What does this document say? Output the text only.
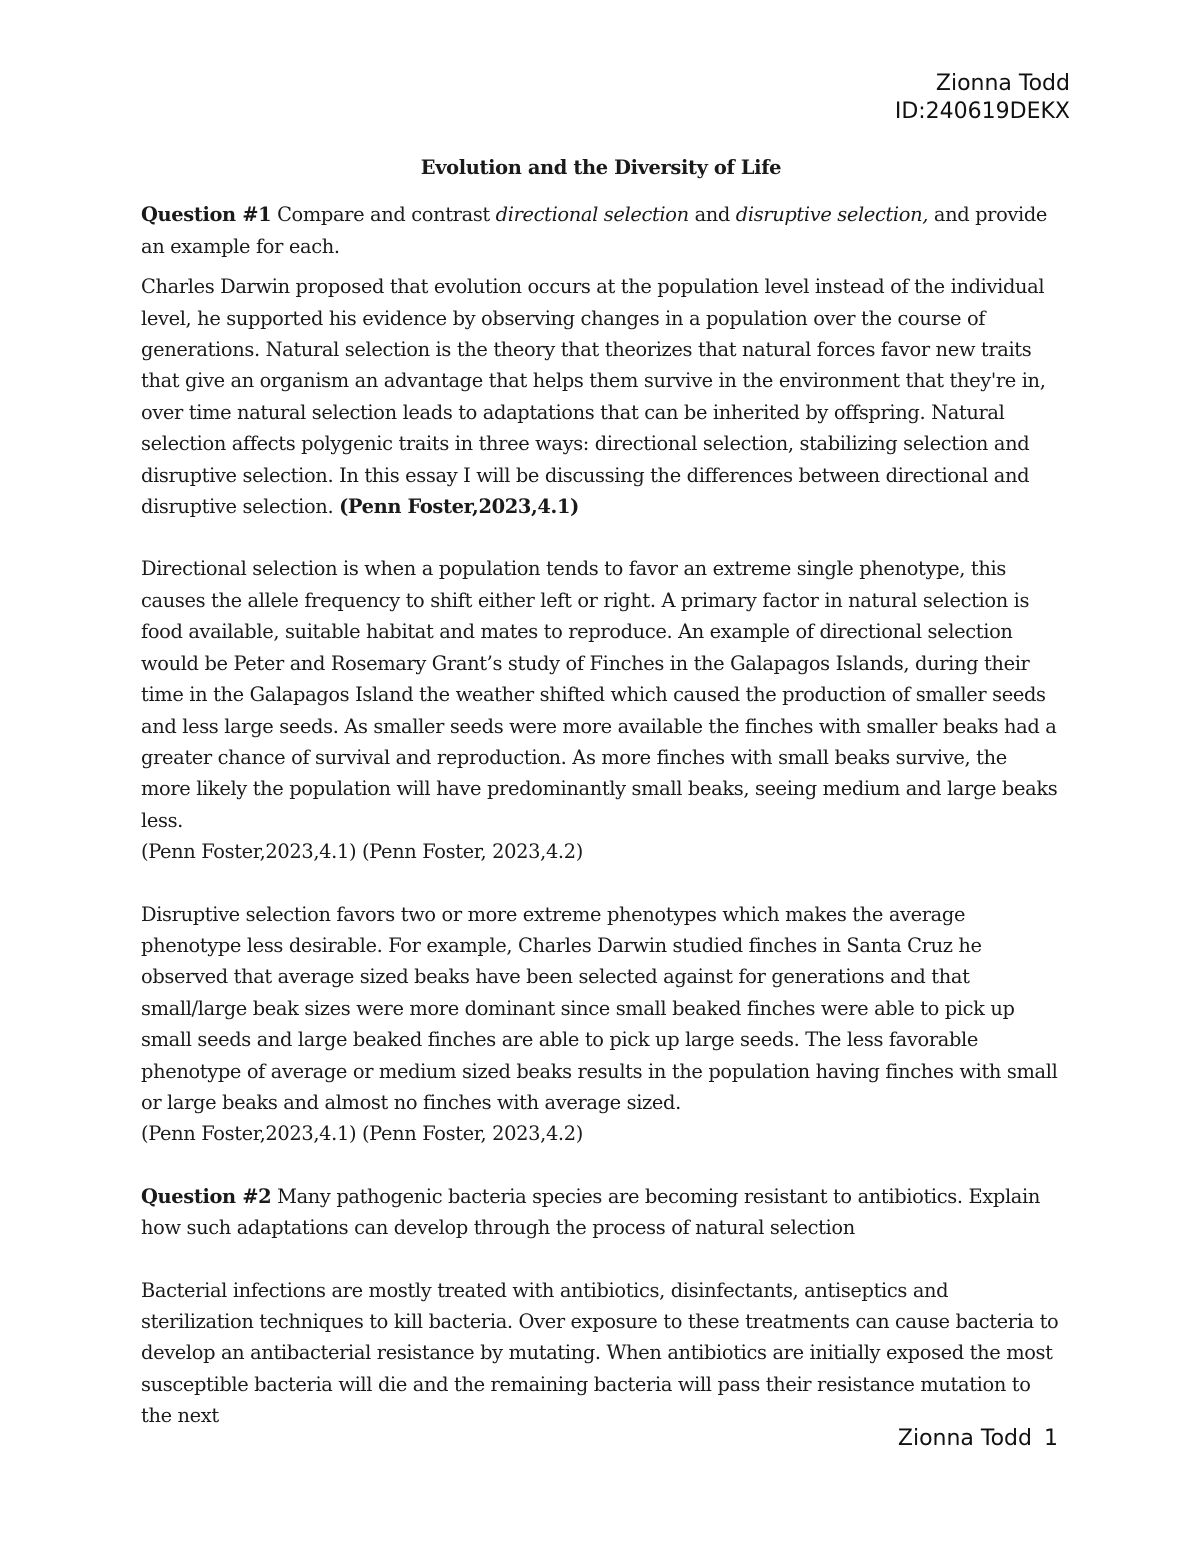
Zionna Todd
ID:240619DEKX

Evolution and the Diversity of Life

Question #1 Compare and contrast directional selection and disruptive selection, and provide an example for each.

Charles Darwin proposed that evolution occurs at the population level instead of the individual level, he supported his evidence by observing changes in a population over the course of generations. Natural selection is the theory that theorizes that natural forces favor new traits that give an organism an advantage that helps them survive in the environment that they're in, over time natural selection leads to adaptations that can be inherited by offspring. Natural selection affects polygenic traits in three ways: directional selection, stabilizing selection and disruptive selection. In this essay I will be discussing the differences between directional and disruptive selection. (Penn Foster,2023,4.1)

Directional selection is when a population tends to favor an extreme single phenotype, this causes the allele frequency to shift either left or right. A primary factor in natural selection is food available, suitable habitat and mates to reproduce. An example of directional selection would be Peter and Rosemary Grant’s study of Finches in the Galapagos Islands, during their time in the Galapagos Island the weather shifted which caused the production of smaller seeds and less large seeds. As smaller seeds were more available the finches with smaller beaks had a greater chance of survival and reproduction. As more finches with small beaks survive, the more likely the population will have predominantly small beaks, seeing medium and large beaks less.
(Penn Foster,2023,4.1) (Penn Foster, 2023,4.2)

Disruptive selection favors two or more extreme phenotypes which makes the average phenotype less desirable. For example, Charles Darwin studied finches in Santa Cruz he observed that average sized beaks have been selected against for generations and that small/large beak sizes were more dominant since small beaked finches were able to pick up small seeds and large beaked finches are able to pick up large seeds. The less favorable phenotype of average or medium sized beaks results in the population having finches with small or large beaks and almost no finches with average sized.
(Penn Foster,2023,4.1) (Penn Foster, 2023,4.2)

Question #2 Many pathogenic bacteria species are becoming resistant to antibiotics. Explain how such adaptations can develop through the process of natural selection

Bacterial infections are mostly treated with antibiotics, disinfectants, antiseptics and sterilization techniques to kill bacteria. Over exposure to these treatments can cause bacteria to develop an antibacterial resistance by mutating. When antibiotics are initially exposed the most susceptible bacteria will die and the remaining bacteria will pass their resistance mutation to the next

Zionna Todd 1
